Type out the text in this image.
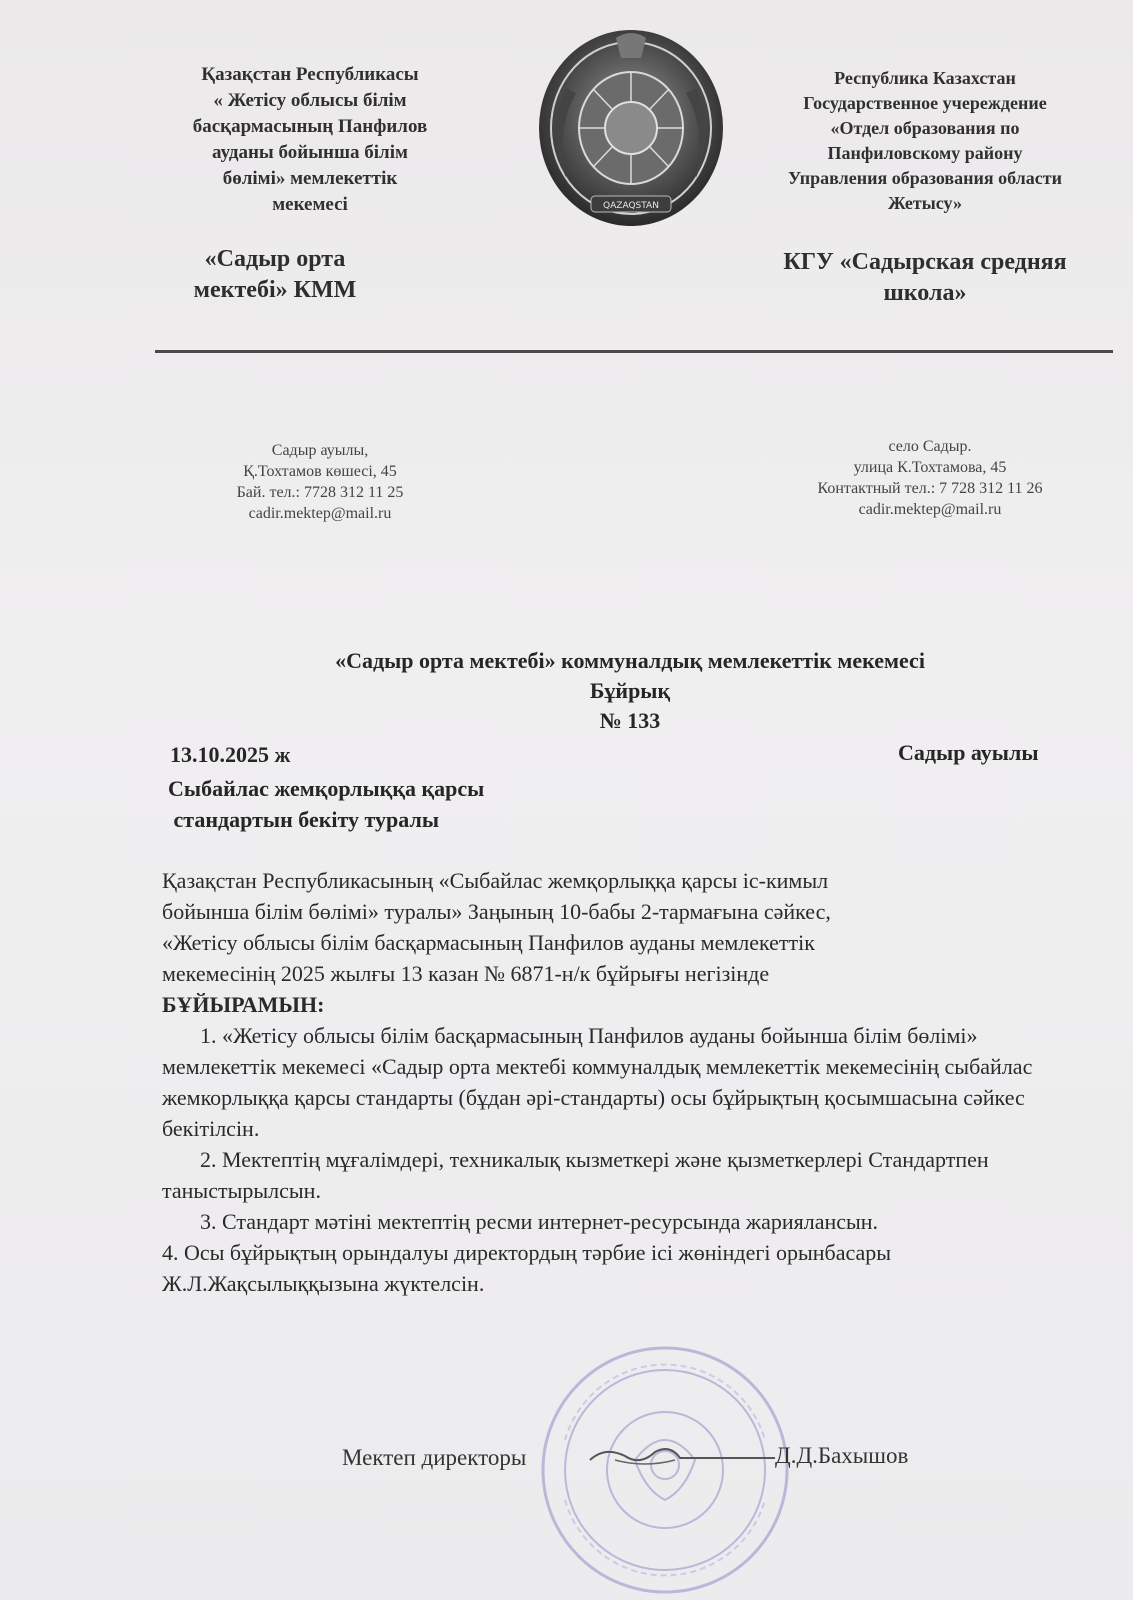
Қазақстан Республикасы
« Жетісу облысы білім
басқармасының Панфилов
ауданы бойынша білім
бөлімі» мемлекеттік
мекемесі	QAZAQSTAN
Республика Казахстан
Государственное учереждение
«Отдел образования по
Панфиловскому району
Управления образования области
Жетысу»
«Садыр орта
мектебі» КММ
КГУ «Садырская средняя
школа»
Садыр ауылы,
Қ.Тохтамов көшесі, 45
Бай. тел.: 7728 312 11 25
cadir.mektep@mail.ru
село Садыр.
улица К.Тохтамова, 45
Контактный тел.: 7 728 312 11 26
cadir.mektep@mail.ru
«Садыр орта мектебі» коммуналдық мемлекеттік мекемесі
Бұйрық
№ 133
13.10.2025 ж	Садыр ауылы
Сыбайлас жемқорлыққа қарсы
стандартын бекіту туралы

Қазақстан Республикасының «Сыбайлас жемқорлыққа қарсы іс-кимыл

бойынша білім бөлімі» туралы» Заңының 10-бабы 2-тармағына сәйкес,

«Жетісу облысы білім басқармасының Панфилов ауданы мемлекеттік

мекемесінің 2025 жылғы 13 казан № 6871-н/к бұйрығы негізінде

БҰЙЫРАМЫН:

1. «Жетісу облысы білім басқармасының Панфилов ауданы бойынша білім бөлімі» мемлекеттік мекемесі «Садыр орта мектебі коммуналдық мемлекеттік мекемесінің сыбайлас жемкорлыққа қарсы стандарты (бұдан әрі-стандарты) осы бұйрықтың қосымшасына сәйкес бекітілсін.

2. Мектептің мұғалімдері, техникалық кызметкері және қызметкерлері Стандартпен таныстырылсын.

3. Стандарт мәтіні мектептің ресми интернет-ресурсында жариялансын.

4. Осы бұйрықтың орындалуы директордың тәрбие ісі жөніндегі орынбасары Ж.Л.Жақсылыққызына жүктелсін.

Мектеп директоры	Д.Д.Бахышов
